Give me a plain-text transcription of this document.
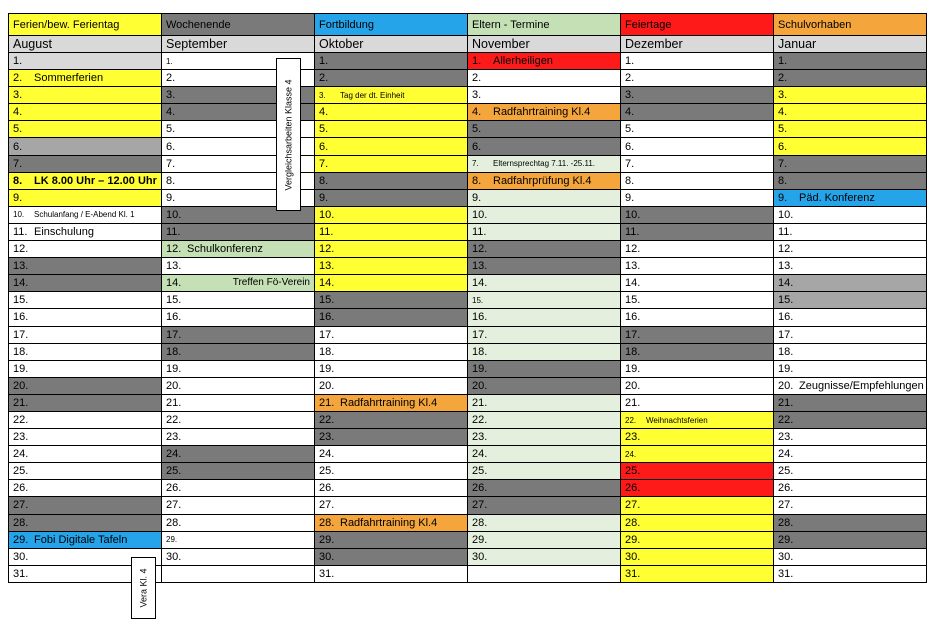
Ferien/bew. Ferientag	Wochenende	Fortbildung	Eltern - Termine	Feiertage	Schulvorhaben
August	September	Oktober	November	Dezember	Januar
1.	1.	1.	1. Allerheiligen	1.	1.
2. Sommerferien	2.	2.	2.	2.	2.
3.	3.	3. Tag der dt. Einheit	3.	3.	3.
4.	4.	4.	4. Radfahrtraining Kl.4	4.	4.
5.	5.	5.	5.	5.	5.
6.	6.	6.	6.	6.	6.
7.	7.	7.	7. Elternsprechtag 7.11. -25.11.	7.	7.
8. LK 8.00 Uhr – 12.00 Uhr	8.	8.	8. Radfahrprüfung Kl.4	8.	8.
9.	9.	9.	9.	9.	9. Päd. Konferenz
10. Schulanfang / E-Abend Kl. 1	10.	10.	10.	10.	10.
11. Einschulung	11.	11.	11.	11.	11.
12.	12. Schulkonferenz	12.	12.	12.	12.
13.	13.	13.	13.	13.	13.
14.	14. Treffen Fö-Verein	14.	14.	14.	14.
15.	15.	15.	15.	15.	15.
16.	16.	16.	16.	16.	16.
17.	17.	17.	17.	17.	17.
18.	18.	18.	18.	18.	18.
19.	19.	19.	19.	19.	19.
20.	20.	20.	20.	20.	20. Zeugnisse/Empfehlungen
21.	21.	21. Radfahrtraining Kl.4	21.	21.	21.
22.	22.	22.	22.	22. Weihnachtsferien	22.
23.	23.	23.	23.	23.	23.
24.	24.	24.	24.	24.	24.
25.	25.	25.	25.	25.	25.
26.	26.	26.	26.	26.	26.
27.	27.	27.	27.	27.	27.
28.	28.	28. Radfahrtraining Kl.4	28.	28.	28.
29. Fobi Digitale Tafeln	29.	29.	29.	29.	29.
30.	30.	30.	30.	30.	30.
31.		31.		31.	31.
Vergleichsarbeiten Klasse 4
Vera Kl. 4
